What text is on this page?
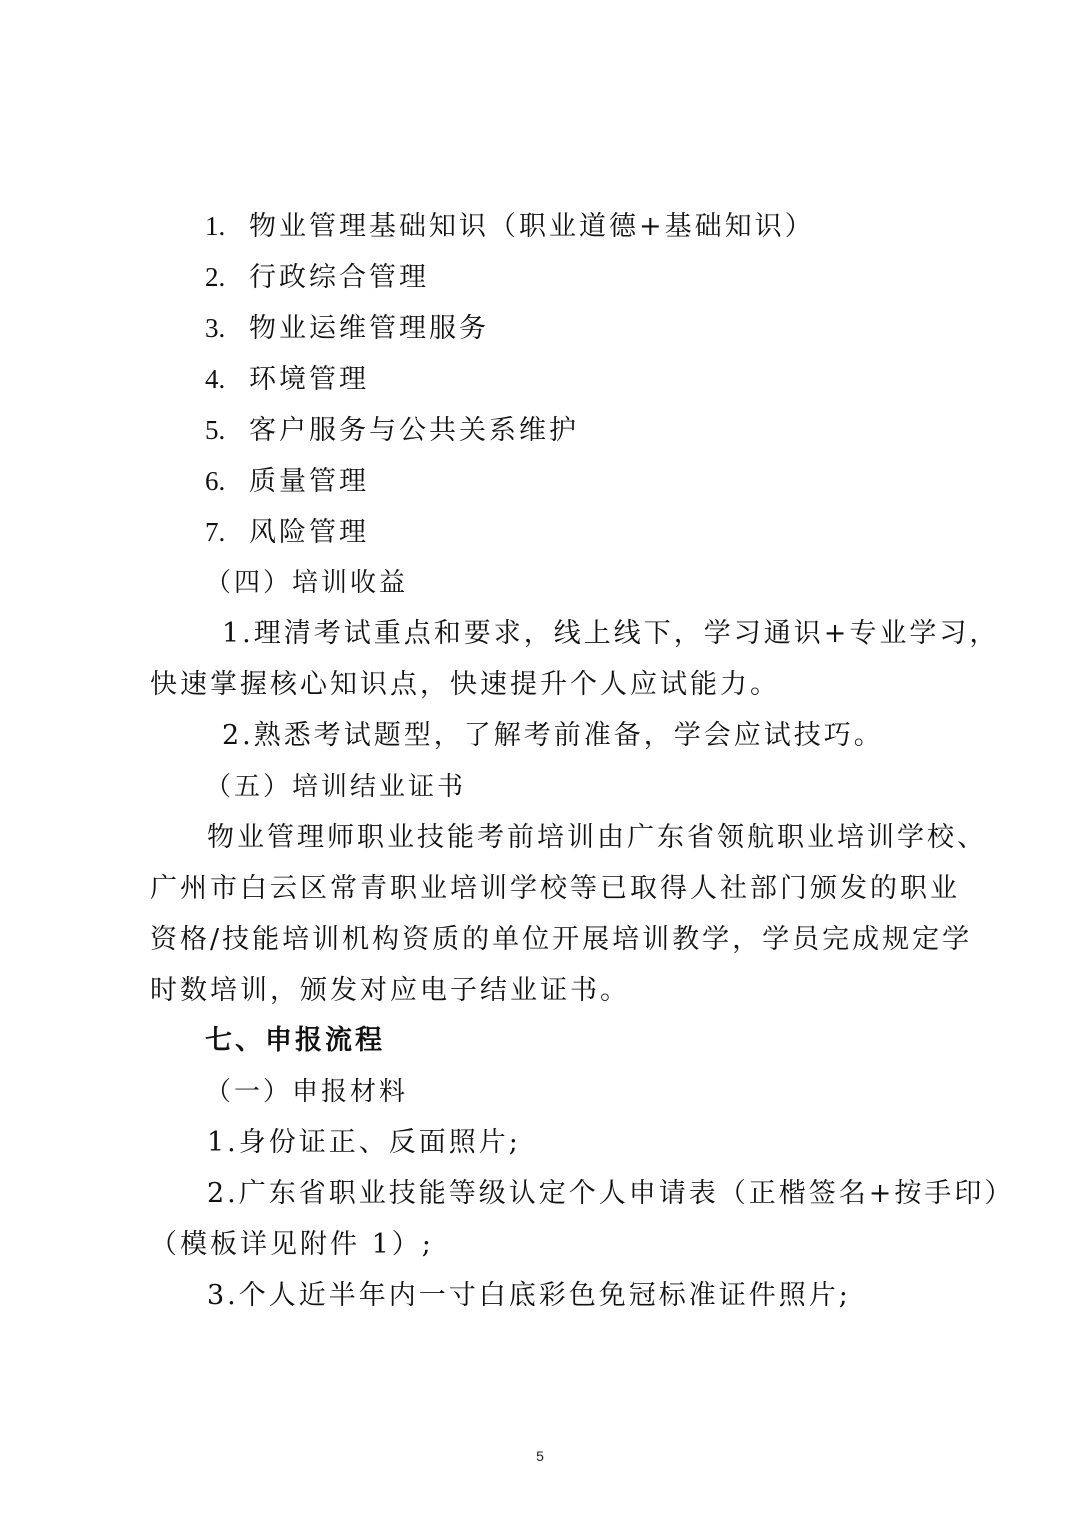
1. 物业管理基础知识（职业道德+基础知识）
2. 行政综合管理
3. 物业运维管理服务
4. 环境管理
5. 客户服务与公共关系维护
6. 质量管理
7. 风险管理
（四）培训收益
1.理清考试重点和要求，线上线下，学习通识+专业学习，
快速掌握核心知识点，快速提升个人应试能力。
2.熟悉考试题型，了解考前准备，学会应试技巧。
（五）培训结业证书
物业管理师职业技能考前培训由广东省领航职业培训学校、
广州市白云区常青职业培训学校等已取得人社部门颁发的职业
资格/技能培训机构资质的单位开展培训教学，学员完成规定学
时数培训，颁发对应电子结业证书。
七、申报流程
（一）申报材料
1.身份证正、反面照片;
2.广东省职业技能等级认定个人申请表（正楷签名+按手印）
（模板详见附件 1）;
3.个人近半年内一寸白底彩色免冠标准证件照片;
5
